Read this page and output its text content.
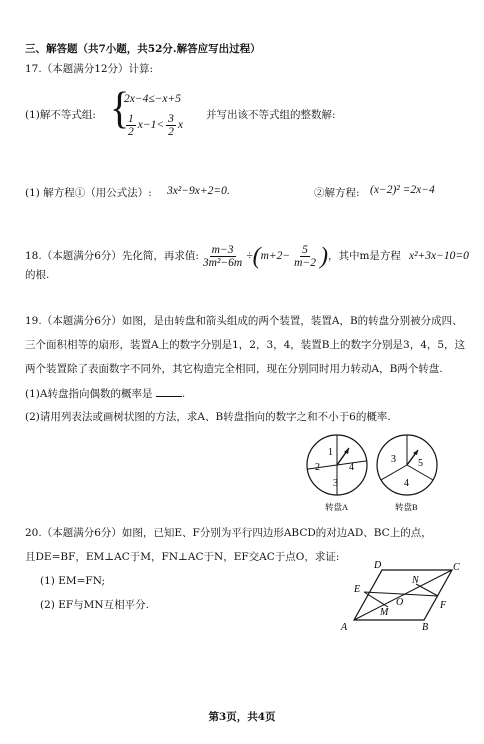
三、解答题（共7小题，共52分.解答应写出过程）
17.（本题满分12分）计算:
(1)解不等式组: {
2x−4≤−x+5
$\frac{1}{2} x-1< \frac{3}{2}$ x
并写出该不等式组的整数解:
(1) 解方程①（用公式法）: 3x²−9x+2=0.	②解方程: (x−2)² =2x−4
18.（本题满分6分）先化简，再求值: $\frac{m-3}{\text{3m²−6m}} \div(m+2- \frac{5}{m-2}$ )，其中m是方程 x²+3x−10=0
的根.
19.（本题满分6分）如图，是由转盘和箭头组成的两个装置，装置A，B的转盘分别被分成四、
三个面积相等的扇形，装置A上的数字分别是1，2，3，4，装置B上的数字分别是3，4，5，这
两个装置除了表面数字不同外，其它构造完全相同，现在分别同时用力转动A，B两个转盘.
(1)A转盘指向偶数的概率是	.
(2)请用列表法或画树状图的方法，求A、B转盘指向的数字之和不小于6的概率.
1
2	4
3
转盘A
3 5
4
转盘B
20.（本题满分6分）如图，已知E、F分别为平行四边形ABCD的对边AD、BC上的点，
且DE=BF，EM⊥AC于M，FN⊥AC于N，EF交AC于点O，求证:
(1) EM=FN;
(2) EF与MN互相平分.
A	B
C
D
E
F
M
N
O
第3页，共4页
